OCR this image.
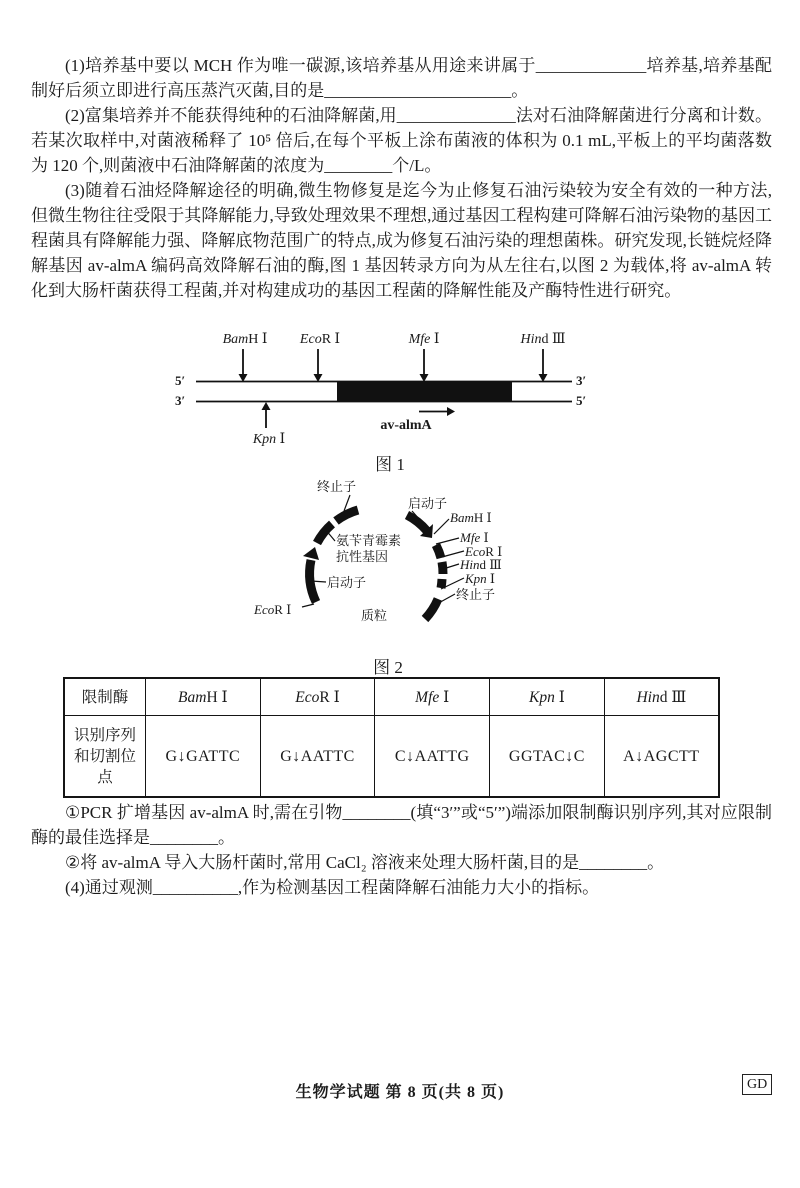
(1)培养基中要以 MCH 作为唯一碳源,该培养基从用途来讲属于_____________培养基,培养基配制好后须立即进行高压蒸汽灭菌,目的是______________________。

(2)富集培养并不能获得纯种的石油降解菌,用______________法对石油降解菌进行分离和计数。若某次取样中,对菌液稀释了 10⁵ 倍后,在每个平板上涂布菌液的体积为 0.1 mL,平板上的平均菌落数为 120 个,则菌液中石油降解菌的浓度为________个/L。

(3)随着石油烃降解途径的明确,微生物修复是迄今为止修复石油污染较为安全有效的一种方法,但微生物往往受限于其降解能力,导致处理效果不理想,通过基因工程构建可降解石油污染物的基因工程菌具有降解能力强、降解底物范围广的特点,成为修复石油污染的理想菌株。研究发现,长链烷烃降解基因 av-almA 编码高效降解石油的酶,图 1 基因转录方向为从左往右,以图 2 为载体,将 av-almA 转化到大肠杆菌获得工程菌,并对构建成功的基因工程菌的降解性能及产酶特性进行研究。

BamH Ⅰ EcoR Ⅰ	Mfe Ⅰ	Hind Ⅲ
5′	3′
3′	5′
Kpn Ⅰ
av-almA
图 1
终止子
启动子
BamH Ⅰ
Mfe Ⅰ
EcoR Ⅰ
Hind Ⅲ
Kpn Ⅰ
终止子
氨苄青霉素
抗性基因
启动子
EcoR Ⅰ	质粒
图 2
限制酶	BamH Ⅰ	EcoR Ⅰ	Mfe Ⅰ	Kpn Ⅰ	Hind Ⅲ
识别序列和切割位点	G↓GATTC	G↓AATTC	C↓AATTG	GGTAC↓C	A↓AGCTT

①PCR 扩增基因 av-almA 时,需在引物________(填“3′”或“5′”)端添加限制酶识别序列,其对应限制酶的最佳选择是________。

②将 av-almA 导入大肠杆菌时,常用 CaCl₂ 溶液来处理大肠杆菌,目的是________。

(4)通过观测__________,作为检测基因工程菌降解石油能力大小的指标。

生物学试题 第 8 页(共 8 页)	GD
